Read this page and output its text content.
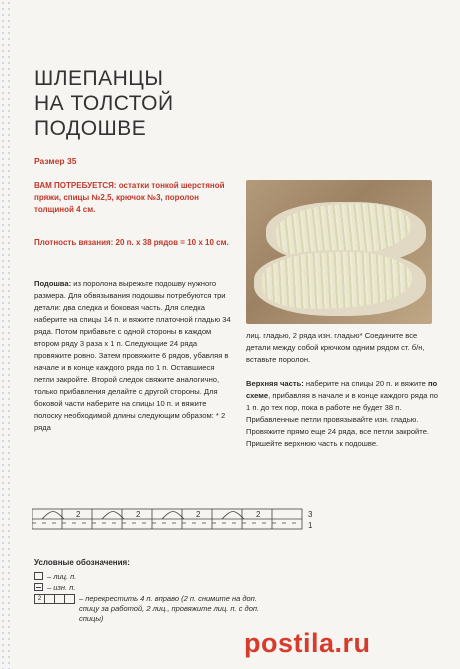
ШЛЕПАНЦЫ
НА ТОЛСТОЙ
ПОДОШВЕ
Размер 35
ВАМ ПОТРЕБУЕТСЯ: остатки тонкой шерстяной пряжи, спицы №2,5, крючок №3, поролон толщиной 4 см.
Плотность вязания: 20 п. х 38 рядов = 10 х 10 см.
Подошва: из поролона вырежьте подошву нужного размера. Для обвязывания подошвы потребуются три детали: два следка и боковая часть. Для следка наберите на спицы 14 п. и вяжите платочной гладью 34 ряда. Потом прибавьте с одной стороны в каждом втором ряду 3 раза х 1 п. Следующие 24 ряда провяжите ровно. Затем провяжите 6 рядов, убавляя в начале и в конце каждого ряда по 1 п. Оставшиеся петли закройте. Второй следок свяжите аналогично, только прибавления делайте с другой стороны. Для боковой части наберите на спицы 10 п. и вяжите полоску необходимой длины следующим образом: * 2 ряда
лиц. гладью, 2 ряда изн. гладью* Соедините все детали между собой крючком одним рядом ст. б/н, вставьте поролон.
Верхняя часть: наберите на спицы 20 п. и вяжите по схеме, прибавляя в начале и в конце каждого ряда по 1 п. до тех пор, пока в работе не будет 38 п. Прибавленные петли провязывайте изн. гладью. Провяжите прямо еще 24 ряда, все петли закройте. Пришейте верхнюю часть к подошве.
2	2	2	2	3
1
Условные обозначения:
– лиц. п.
– изн. п.
2	– перекрестить 4 п. вправо (2 п. снимите на доп. спицу за работой, 2 лиц., провяжите лиц. п. с доп. спицы)
postila.ru
